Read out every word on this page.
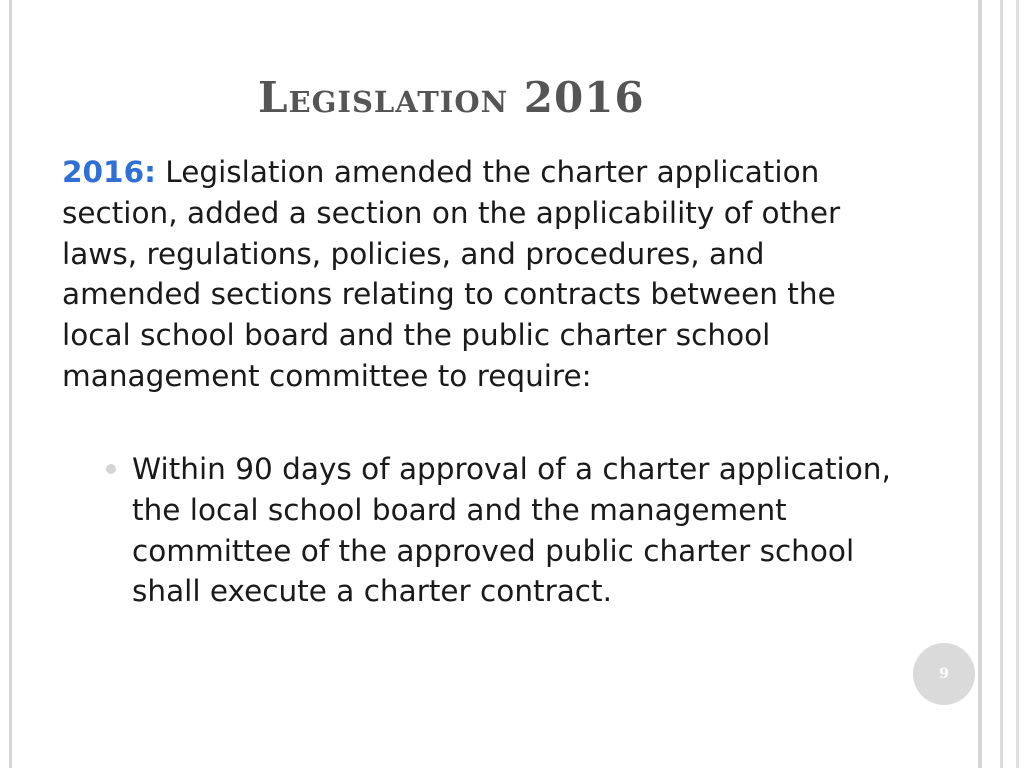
Legislation 2016
2016: Legislation amended the charter application section, added a section on the applicability of other laws, regulations, policies, and procedures, and amended sections relating to contracts between the local school board and the public charter school management committee to require:
Within 90 days of approval of a charter application, the local school board and the management committee of the approved public charter school shall execute a charter contract.
9
